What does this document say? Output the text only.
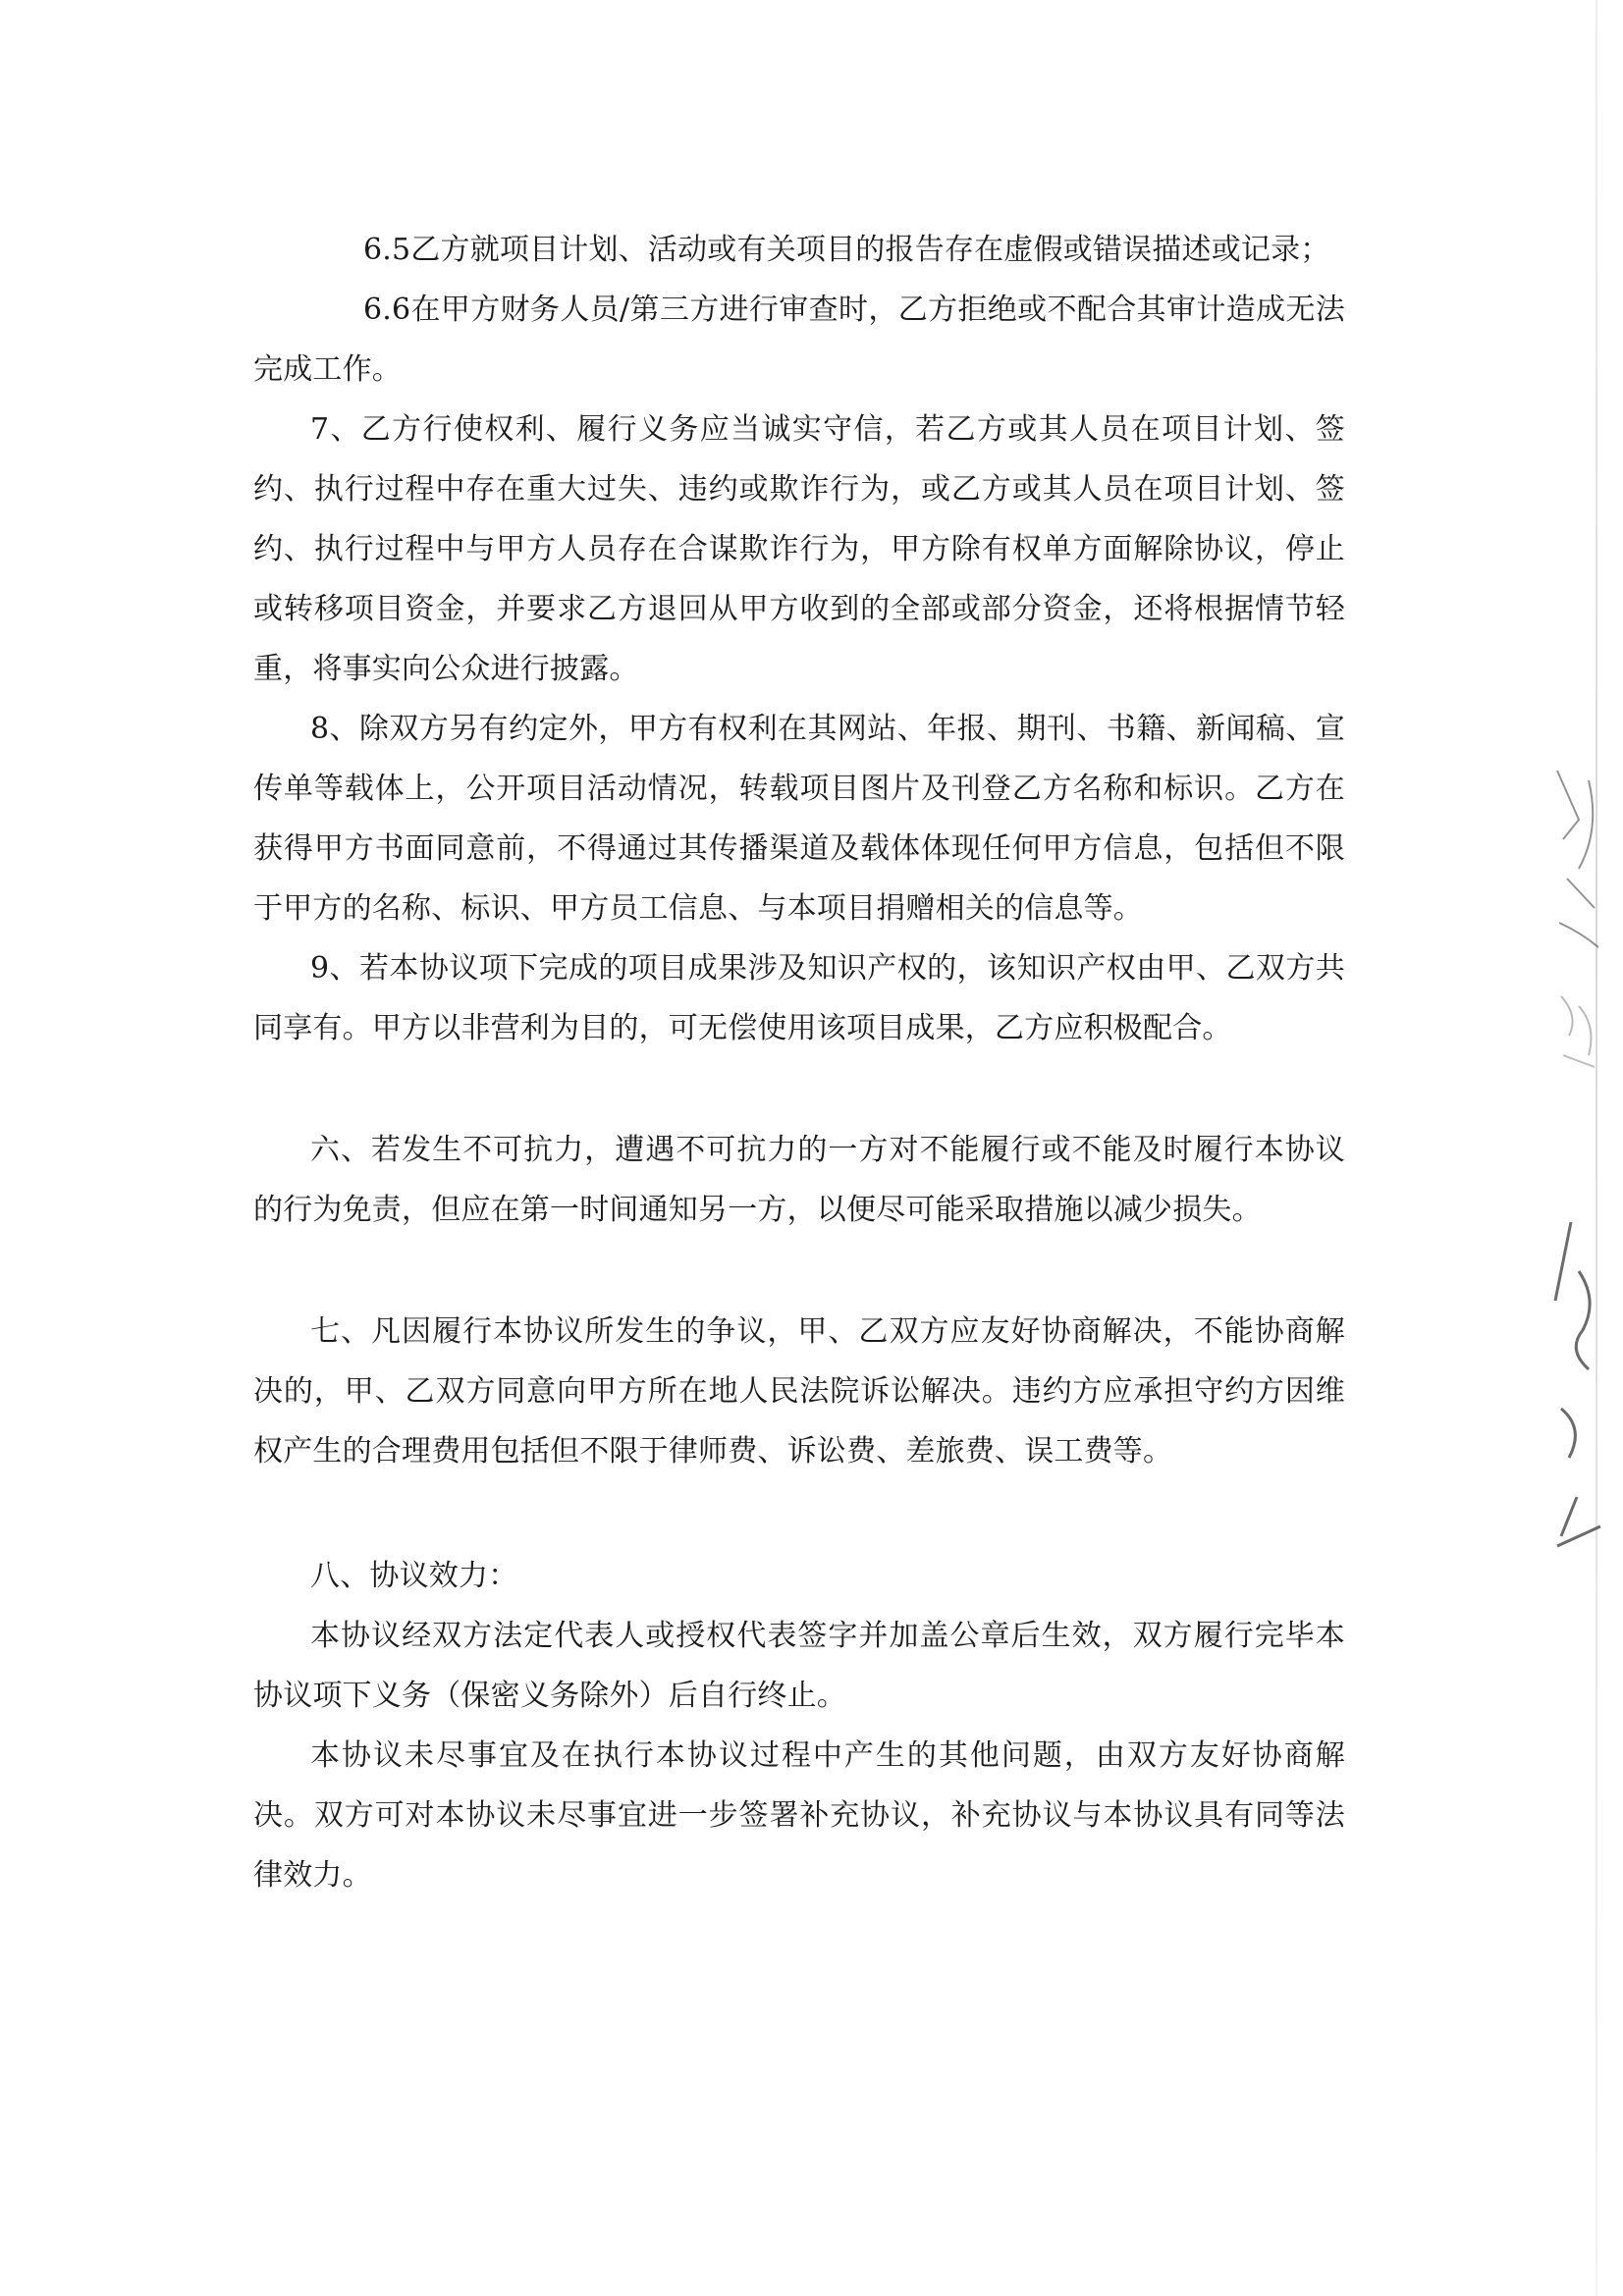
6.5乙方就项目计划、活动或有关项目的报告存在虚假或错误描述或记录；

6.6在甲方财务人员/第三方进行审查时，乙方拒绝或不配合其审计造成无法完成工作。

7、乙方行使权利、履行义务应当诚实守信，若乙方或其人员在项目计划、签约、执行过程中存在重大过失、违约或欺诈行为，或乙方或其人员在项目计划、签约、执行过程中与甲方人员存在合谋欺诈行为，甲方除有权单方面解除协议，停止或转移项目资金，并要求乙方退回从甲方收到的全部或部分资金，还将根据情节轻重，将事实向公众进行披露。

8、除双方另有约定外，甲方有权利在其网站、年报、期刊、书籍、新闻稿、宣传单等载体上，公开项目活动情况，转载项目图片及刊登乙方名称和标识。乙方在获得甲方书面同意前，不得通过其传播渠道及载体体现任何甲方信息，包括但不限于甲方的名称、标识、甲方员工信息、与本项目捐赠相关的信息等。

9、若本协议项下完成的项目成果涉及知识产权的，该知识产权由甲、乙双方共同享有。甲方以非营利为目的，可无偿使用该项目成果，乙方应积极配合。

六、若发生不可抗力，遭遇不可抗力的一方对不能履行或不能及时履行本协议的行为免责，但应在第一时间通知另一方，以便尽可能采取措施以减少损失。

七、凡因履行本协议所发生的争议，甲、乙双方应友好协商解决，不能协商解决的，甲、乙双方同意向甲方所在地人民法院诉讼解决。违约方应承担守约方因维权产生的合理费用包括但不限于律师费、诉讼费、差旅费、误工费等。

八、协议效力：

本协议经双方法定代表人或授权代表签字并加盖公章后生效，双方履行完毕本协议项下义务（保密义务除外）后自行终止。

本协议未尽事宜及在执行本协议过程中产生的其他问题，由双方友好协商解决。双方可对本协议未尽事宜进一步签署补充协议，补充协议与本协议具有同等法律效力。
